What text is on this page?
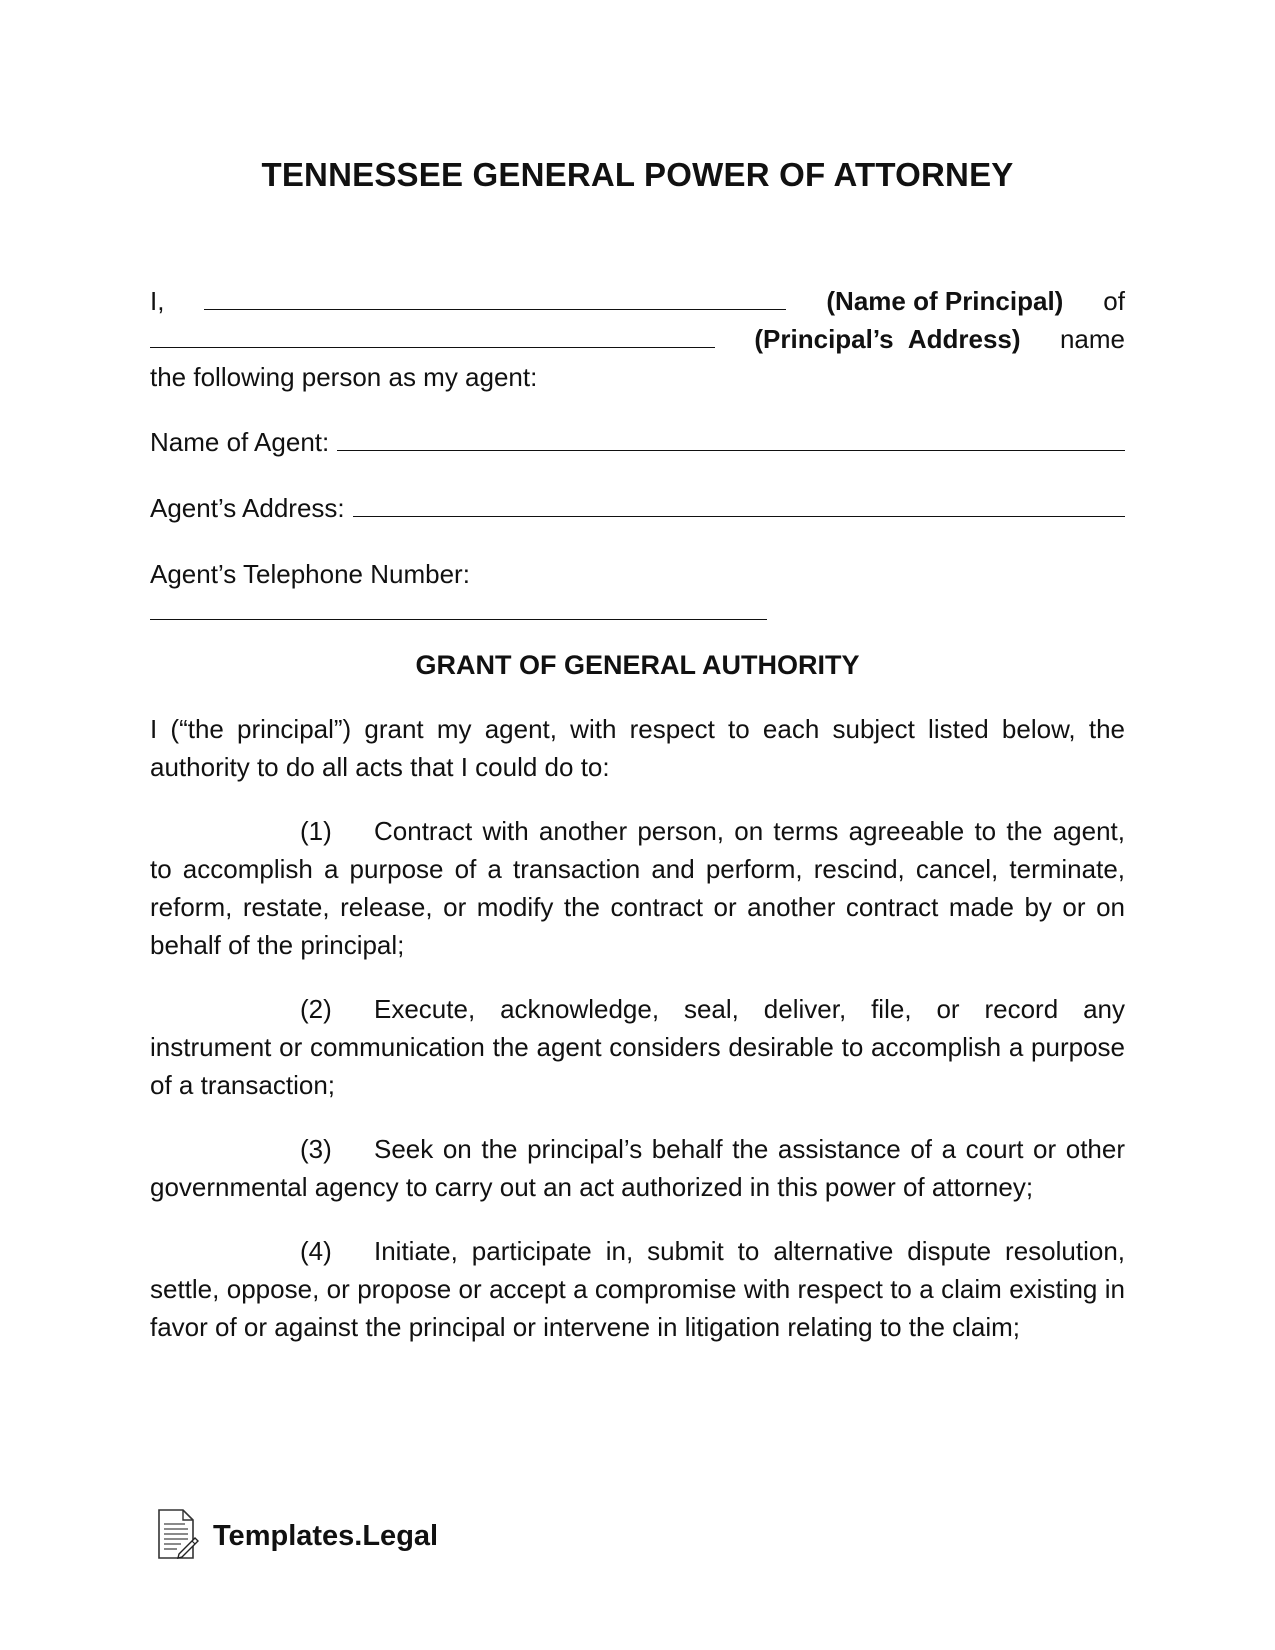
TENNESSEE GENERAL POWER OF ATTORNEY

I,	(Name of Principal) of
(Principal’s Address) name
the following person as my agent:

Name of Agent:
Agent’s Address:
Agent’s Telephone Number:
GRANT OF GENERAL AUTHORITY

I (“the principal”) grant my agent, with respect to each subject listed below, the authority to do all acts that I could do to:

(1) Contract with another person, on terms agreeable to the agent, to accomplish a purpose of a transaction and perform, rescind, cancel, terminate, reform, restate, release, or modify the contract or another contract made by or on behalf of the principal;

(2) Execute, acknowledge, seal, deliver, file, or record any instrument or communication the agent considers desirable to accomplish a purpose of a transaction;

(3) Seek on the principal’s behalf the assistance of a court or other governmental agency to carry out an act authorized in this power of attorney;

(4) Initiate, participate in, submit to alternative dispute resolution, settle, oppose, or propose or accept a compromise with respect to a claim existing in favor of or against the principal or intervene in litigation relating to the claim;

Templates.Legal
